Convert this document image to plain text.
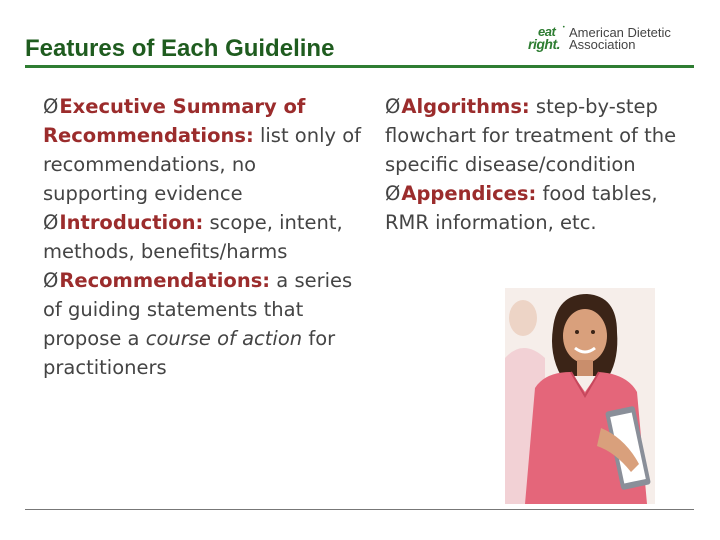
Features of Each Guideline
eat
right.
• American Dietetic
Association
ØExecutive Summary of Recommendations: list only of recommendations, no supporting evidence
ØIntroduction: scope, intent, methods, benefits/harms
ØRecommendations: a series of guiding statements that propose a course of action for practitioners
ØAlgorithms: step-by-step flowchart for treatment of the specific disease/condition
ØAppendices: food tables, RMR information, etc.
